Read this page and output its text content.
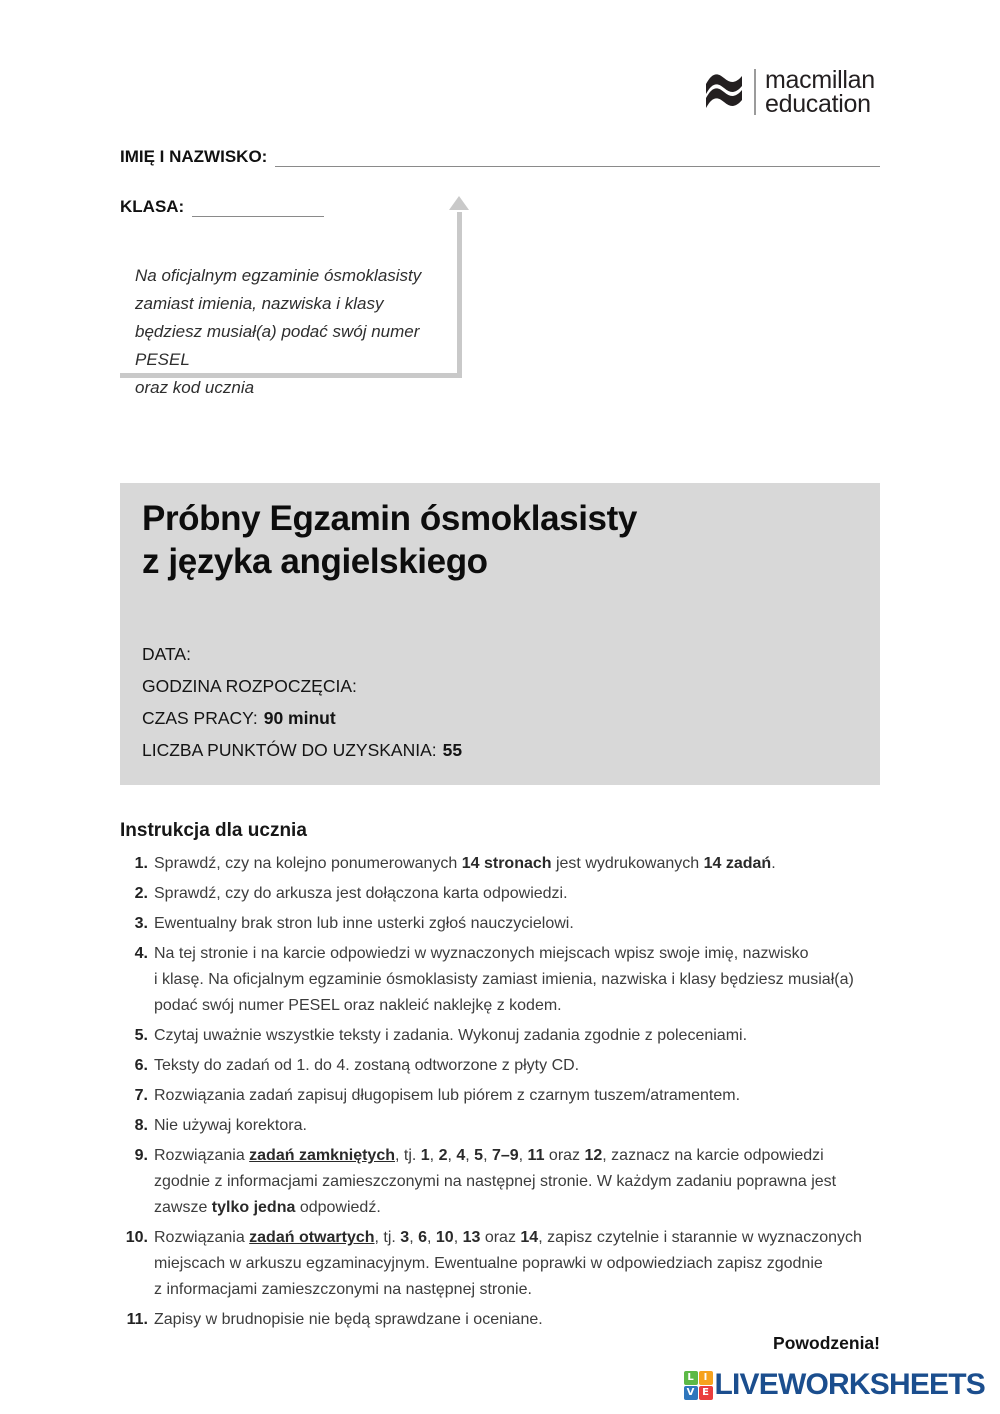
macmillan
education
IMIĘ I NAZWISKO:
KLASA:
Na oficjalnym egzaminie ósmoklasisty
zamiast imienia, nazwiska i klasy
będziesz musiał(a) podać swój numer PESEL
oraz kod ucznia
Próbny Egzamin ósmoklasisty
z języka angielskiego
DATA:
GODZINA ROZPOCZĘCIA:
CZAS PRACY: 90 minut
LICZBA PUNKTÓW DO UZYSKANIA: 55
Instrukcja dla ucznia
1. Sprawdź, czy na kolejno ponumerowanych 14 stronach jest wydrukowanych 14 zadań.
2. Sprawdź, czy do arkusza jest dołączona karta odpowiedzi.
3. Ewentualny brak stron lub inne usterki zgłoś nauczycielowi.
4. Na tej stronie i na karcie odpowiedzi w wyznaczonych miejscach wpisz swoje imię, nazwisko
i klasę. Na oficjalnym egzaminie ósmoklasisty zamiast imienia, nazwiska i klasy będziesz musiał(a)
podać swój numer PESEL oraz nakleić naklejkę z kodem.
5. Czytaj uważnie wszystkie teksty i zadania. Wykonuj zadania zgodnie z poleceniami.
6. Teksty do zadań od 1. do 4. zostaną odtworzone z płyty CD.
7. Rozwiązania zadań zapisuj długopisem lub piórem z czarnym tuszem/atramentem.
8. Nie używaj korektora.
9. Rozwiązania zadań zamkniętych, tj. 1, 2, 4, 5, 7–9, 11 oraz 12, zaznacz na karcie odpowiedzi
zgodnie z informacjami zamieszczonymi na następnej stronie. W każdym zadaniu poprawna jest
zawsze tylko jedna odpowiedź.
10. Rozwiązania zadań otwartych, tj. 3, 6, 10, 13 oraz 14, zapisz czytelnie i starannie w wyznaczonych
miejscach w arkuszu egzaminacyjnym. Ewentualne poprawki w odpowiedziach zapisz zgodnie
z informacjami zamieszczonymi na następnej stronie.
11. Zapisy w brudnopisie nie będą sprawdzane i oceniane.
Powodzenia!
L I
V E LIVEWORKSHEETS
